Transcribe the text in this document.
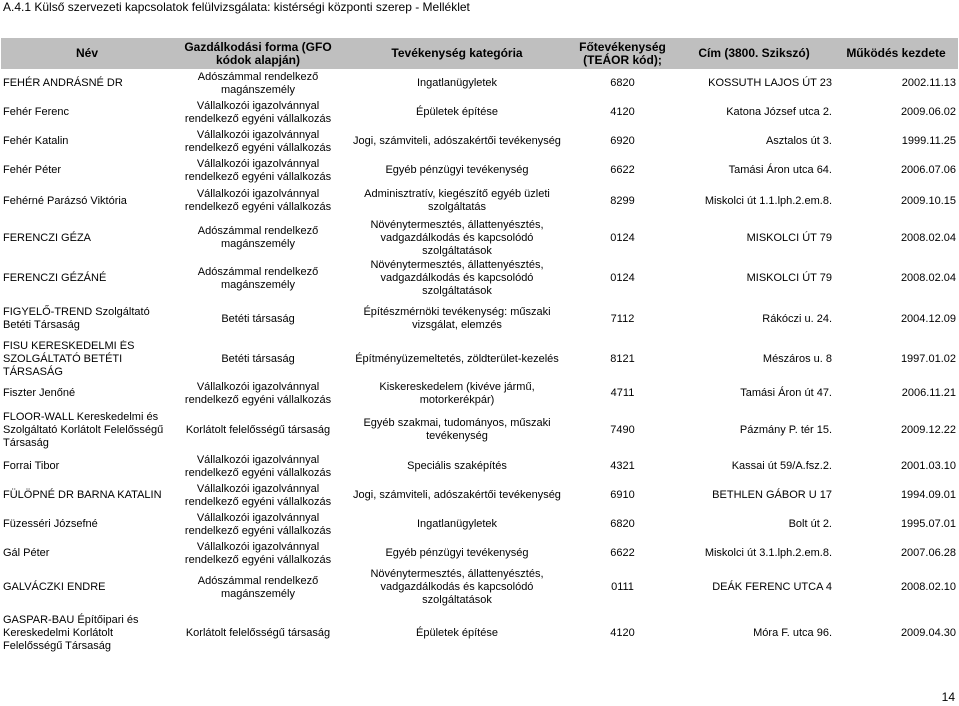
A.4.1 Külső szervezeti kapcsolatok felülvizsgálata: kistérségi központi szerep - Melléklet
Név	Gazdálkodási forma (GFO kódok alapján)	Tevékenység kategória	Főtevékenység (TEÁOR kód);	Cím (3800. Szikszó)	Működés kezdete
FEHÉR ANDRÁSNÉ DR	Adószámmal rendelkező magánszemély	Ingatlanügyletek	6820	KOSSUTH LAJOS ÚT 23	2002.11.13
Fehér Ferenc	Vállalkozói igazolvánnyal rendelkező egyéni vállalkozás	Épületek építése	4120	Katona József utca 2.	2009.06.02
Fehér Katalin	Vállalkozói igazolvánnyal rendelkező egyéni vállalkozás	Jogi, számviteli, adószakértői tevékenység	6920	Asztalos út 3.	1999.11.25
Fehér Péter	Vállalkozói igazolvánnyal rendelkező egyéni vállalkozás	Egyéb pénzügyi tevékenység	6622	Tamási Áron utca 64.	2006.07.06
Fehérné Parázsó Viktória	Vállalkozói igazolvánnyal rendelkező egyéni vállalkozás	Adminisztratív, kiegészítő egyéb üzleti szolgáltatás	8299	Miskolci út 1.1.lph.2.em.8.	2009.10.15
FERENCZI GÉZA	Adószámmal rendelkező magánszemély	Növénytermesztés, állattenyésztés, vadgazdálkodás és kapcsolódó szolgáltatások	0124	MISKOLCI ÚT 79	2008.02.04
FERENCZI GÉZÁNÉ	Adószámmal rendelkező magánszemély	Növénytermesztés, állattenyésztés, vadgazdálkodás és kapcsolódó szolgáltatások	0124	MISKOLCI ÚT 79	2008.02.04
FIGYELŐ-TREND Szolgáltató Betéti Társaság	Betéti társaság	Építészmérnöki tevékenység: műszaki vizsgálat, elemzés	7112	Rákóczi u. 24.	2004.12.09
FISU KERESKEDELMI ÉS SZOLGÁLTATÓ BETÉTI TÁRSASÁG	Betéti társaság	Építményüzemeltetés, zöldterület-kezelés	8121	Mészáros u. 8	1997.01.02
Fiszter Jenőné	Vállalkozói igazolvánnyal rendelkező egyéni vállalkozás	Kiskereskedelem (kivéve jármű, motorkerékpár)	4711	Tamási Áron út 47.	2006.11.21
FLOOR-WALL Kereskedelmi és Szolgáltató Korlátolt Felelősségű Társaság	Korlátolt felelősségű társaság	Egyéb szakmai, tudományos, műszaki tevékenység	7490	Pázmány P. tér 15.	2009.12.22
Forrai Tibor	Vállalkozói igazolvánnyal rendelkező egyéni vállalkozás	Speciális szaképítés	4321	Kassai út 59/A.fsz.2.	2001.03.10
FÜLÖPNÉ DR BARNA KATALIN	Vállalkozói igazolvánnyal rendelkező egyéni vállalkozás	Jogi, számviteli, adószakértői tevékenység	6910	BETHLEN GÁBOR U 17	1994.09.01
Füzesséri Józsefné	Vállalkozói igazolvánnyal rendelkező egyéni vállalkozás	Ingatlanügyletek	6820	Bolt út 2.	1995.07.01
Gál Péter	Vállalkozói igazolvánnyal rendelkező egyéni vállalkozás	Egyéb pénzügyi tevékenység	6622	Miskolci út 3.1.lph.2.em.8.	2007.06.28
GALVÁCZKI ENDRE	Adószámmal rendelkező magánszemély	Növénytermesztés, állattenyésztés, vadgazdálkodás és kapcsolódó szolgáltatások	0111	DEÁK FERENC UTCA 4	2008.02.10
GASPAR-BAU Építőipari és Kereskedelmi Korlátolt Felelősségű Társaság	Korlátolt felelősségű társaság	Épületek építése	4120	Móra F. utca 96.	2009.04.30
14
